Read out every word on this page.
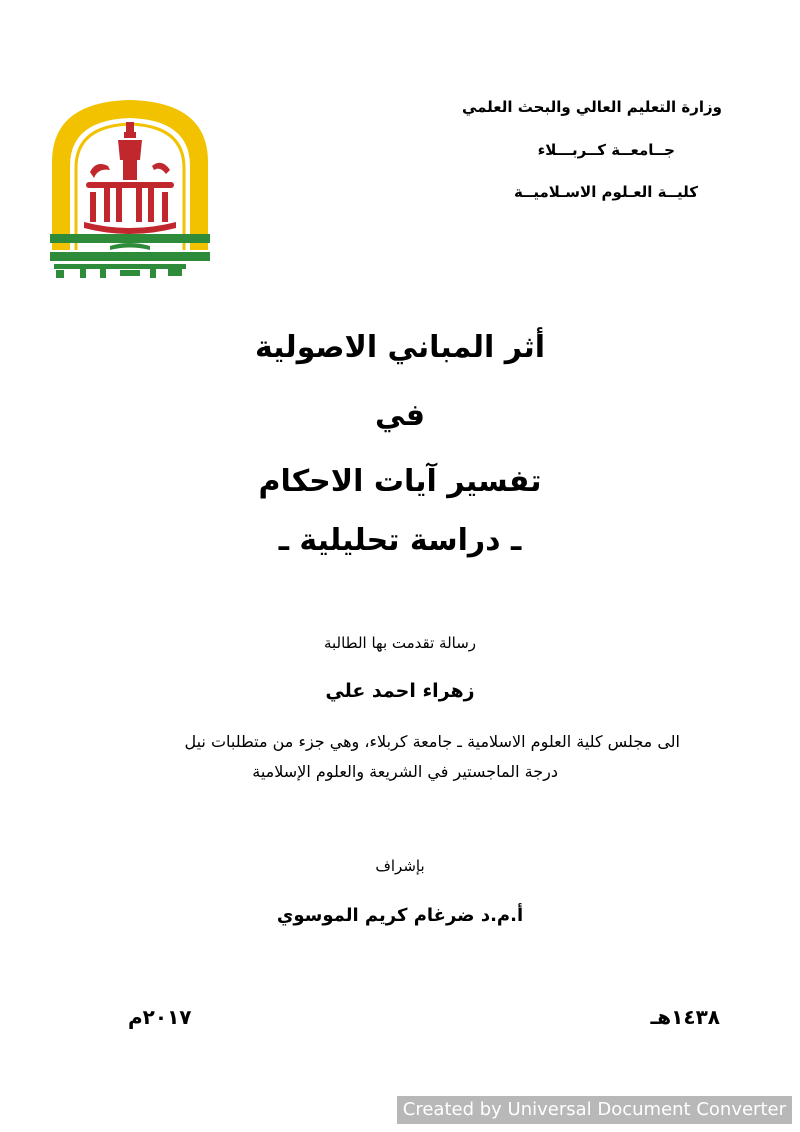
وزارة التعليم العالي والبحث العلمي
جــامعــة كــربـــلاء
كليــة العـلوم الاسـلاميــة
أثر المباني الاصولية
في
تفسير آيات الاحكام
ـ دراسة تحليلية ـ
رسالة تقدمت بها الطالبة
زهراء احمد علي
الى مجلس كلية العلوم الاسلامية ـ جامعة كربلاء، وهي جزء من متطلبات نيل
درجة الماجستير في الشريعة والعلوم الإسلامية
بإشراف
أ.م.د ضرغام كريم الموسوي
١٤٣٨هـ
٢٠١٧م
Created by Universal Document Converter
